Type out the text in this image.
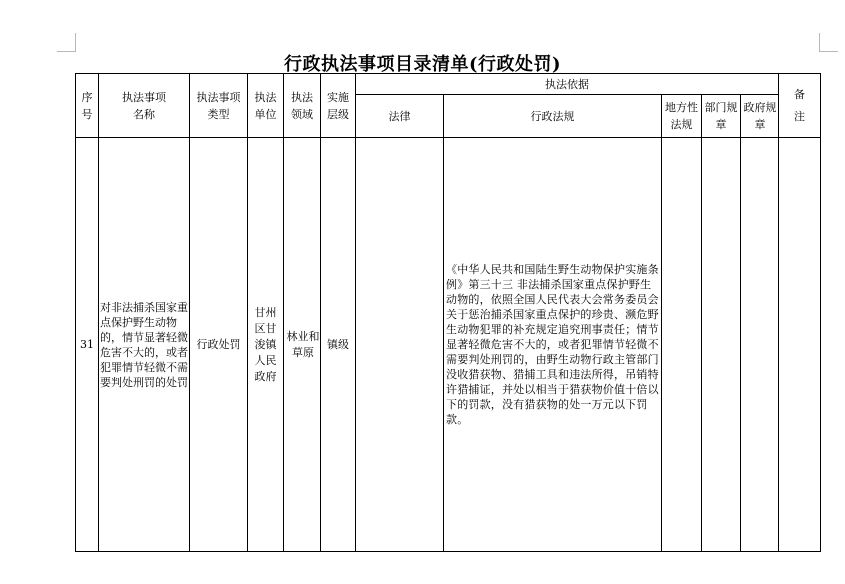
行政执法事项目录清单(行政处罚)
序号	执法事项名称	执法事项类型	执法单位	执法领域	实施层级	执法依据					备注
						法律	行政法规	地方性法规	部门规章	政府规章	
31	对非法捕杀国家重点保护野生动物的，情节显著轻微危害不大的，或者犯罪情节轻微不需要判处刑罚的处罚	行政处罚	甘州区甘浚镇人民政府	林业和草原	镇级		《中华人民共和国陆生野生动物保护实施条例》第三十三 非法捕杀国家重点保护野生动物的，依照全国人民代表大会常务委员会关于惩治捕杀国家重点保护的珍贵、濒危野生动物犯罪的补充规定追究刑事责任；情节显著轻微危害不大的，或者犯罪情节轻微不需要判处刑罚的，由野生动物行政主管部门没收猎获物、猎捕工具和违法所得，吊销特许猎捕证，并处以相当于猎获物价值十倍以下的罚款，没有猎获物的处一万元以下罚款。				
